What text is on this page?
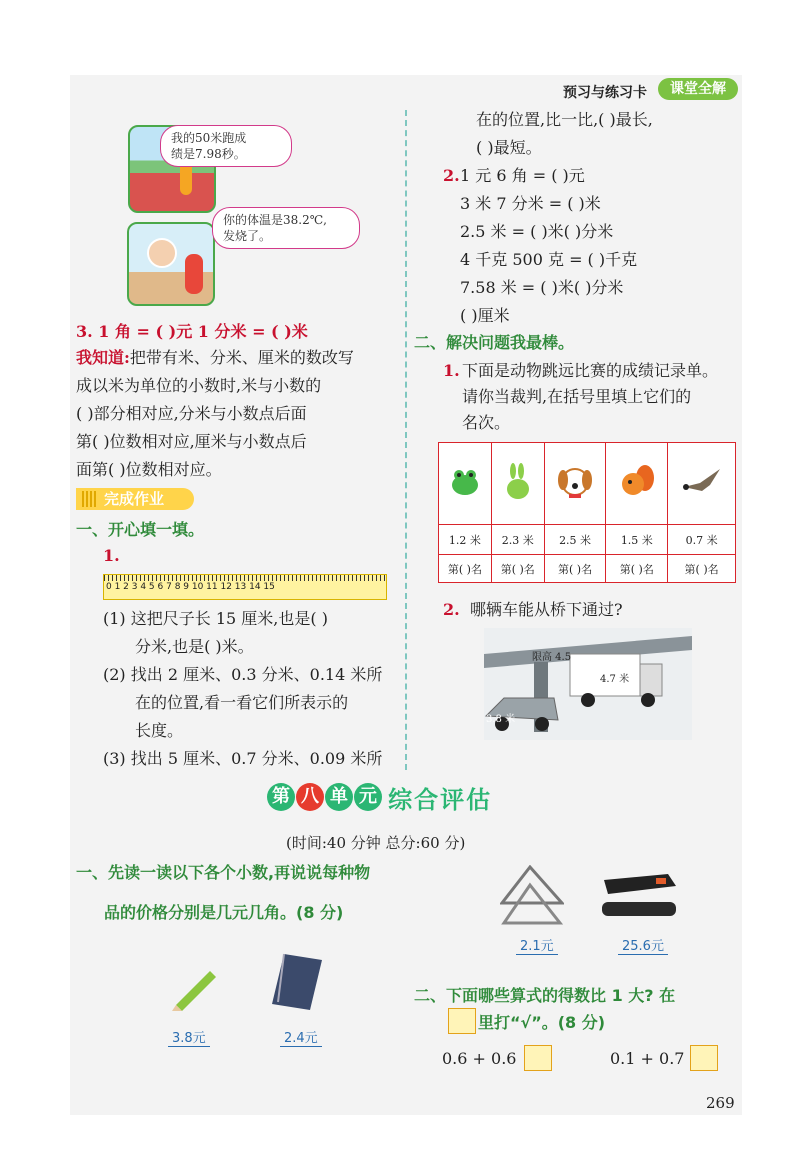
预习与练习卡	课堂全解
我的50米跑成
绩是7.98秒。
你的体温是38.2℃,
发烧了。
3. 1 角 = ( )元 1 分米 = ( )米
我知道:把带有米、分米、厘米的数改写
成以米为单位的小数时,米与小数的
( )部分相对应,分米与小数点后面
第( )位数相对应,厘米与小数点后
面第( )位数相对应。
完成作业
一、开心填一填。
1.
0 1 2 3 4 5 6 7 8 9 10 11 12 13 14 15
(1) 这把尺子长 15 厘米,也是( )
分米,也是( )米。
(2) 找出 2 厘米、0.3 分米、0.14 米所
在的位置,看一看它们所表示的
长度。
(3) 找出 5 厘米、0.7 分米、0.09 米所
在的位置,比一比,( )最长,
( )最短。
2. 1 元 6 角 = ( )元
3 米 7 分米 = ( )米
2.5 米 = ( )米( )分米
4 千克 500 克 = ( )千克
7.58 米 = ( )米( )分米
( )厘米
二、解决问题我最棒。
1. 下面是动物跳远比赛的成绩记录单。
请你当裁判,在括号里填上它们的
名次。

1.2 米	2.3 米	2.5 米	1.5 米	0.7 米
第( )名	第( )名	第( )名	第( )名	第( )名
2. 哪辆车能从桥下通过?
限高 4.5
4.7 米
3.8 米
第 八 单 元 综合评估
(时间:40 分钟 总分:60 分)
一、先读一读以下各个小数,再说说每种物
品的价格分别是几元几角。(8 分)
3.8元	2.4元
2.1元	25.6元
二、下面哪些算式的得数比 1 大? 在
里打“√”。(8 分)
0.6 + 0.6	0.1 + 0.7
269
